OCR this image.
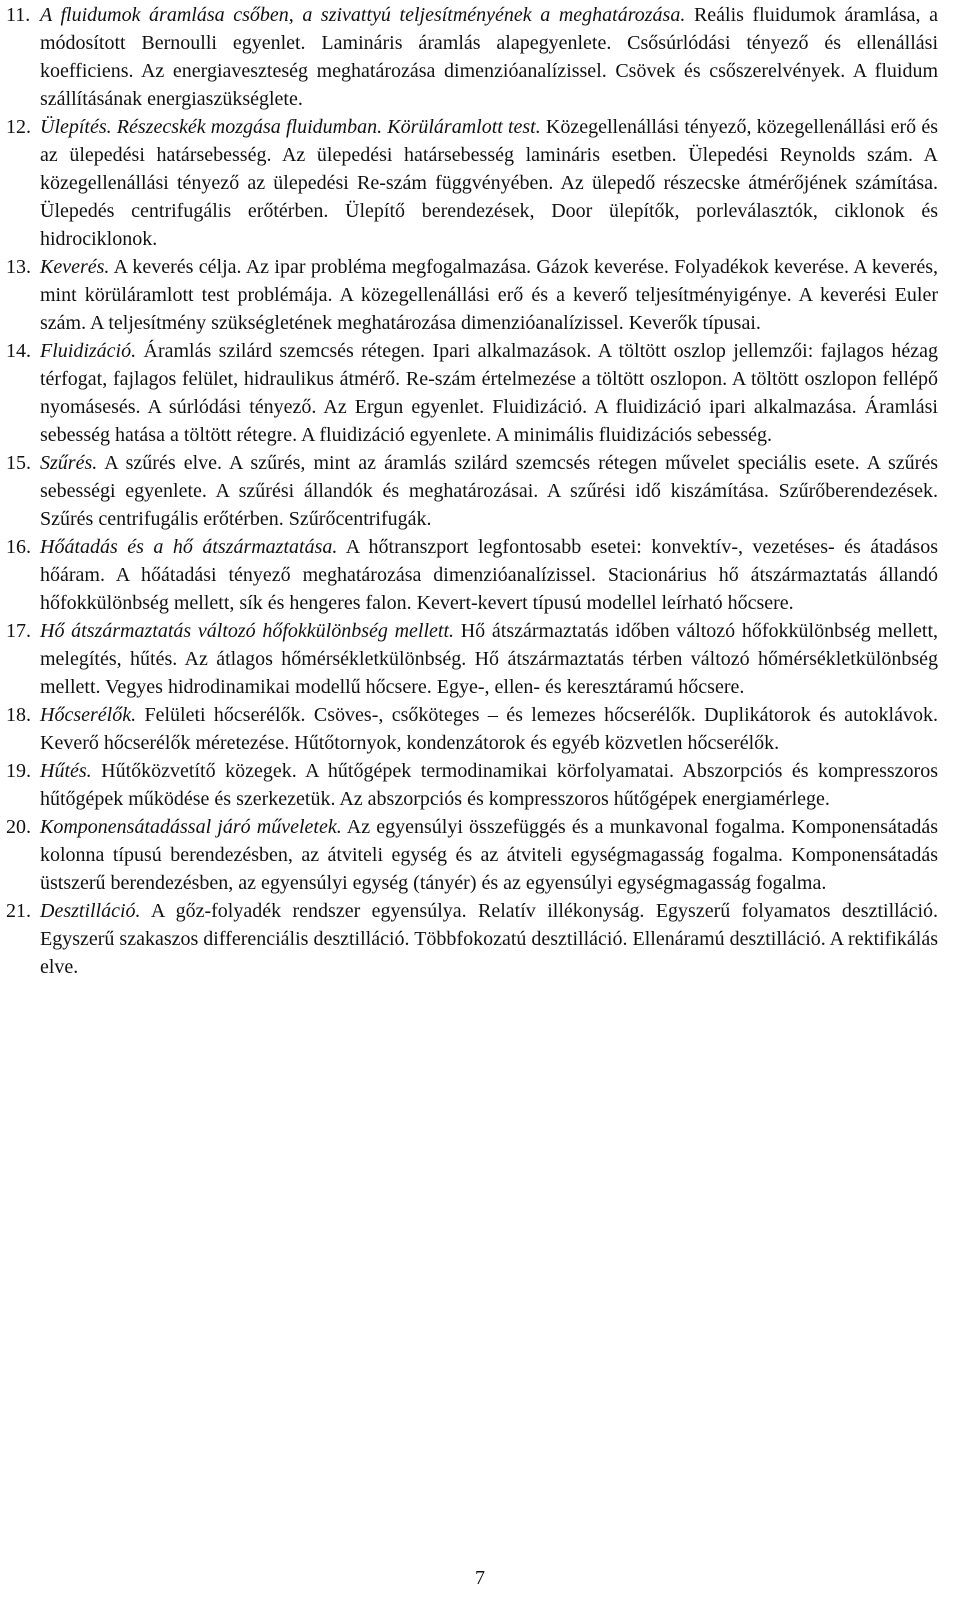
11. A fluidumok áramlása csőben, a szivattyú teljesítményének a meghatározása. Reális fluidumok áramlása, a módosított Bernoulli egyenlet. Lamináris áramlás alapegyenlete. Csősúrlódási tényező és ellenállási koefficiens. Az energiaveszteség meghatározása dimenzióanalízissel. Csövek és csőszerelvények. A fluidum szállításának energiaszükséglete.
12. Ülepítés. Részecskék mozgása fluidumban. Körüláramlott test. Közegellenállási tényező, közegellenállási erő és az ülepedési határsebesség. Az ülepedési határsebesség lamináris esetben. Ülepedési Reynolds szám. A közegellenállási tényező az ülepedési Re-szám függvényében. Az ülepedő részecske átmérőjének számítása. Ülepedés centrifugális erőtérben. Ülepítő berendezések, Door ülepítők, porleválasztók, ciklonok és hidrociklonok.
13. Keverés. A keverés célja. Az ipar probléma megfogalmazása. Gázok keverése. Folyadékok keverése. A keverés, mint körüláramlott test problémája. A közegellenállási erő és a keverő teljesítményigénye. A keverési Euler szám. A teljesítmény szükségletének meghatározása dimenzióanalízissel. Keverők típusai.
14. Fluidizáció. Áramlás szilárd szemcsés rétegen. Ipari alkalmazások. A töltött oszlop jellemzői: fajlagos hézag térfogat, fajlagos felület, hidraulikus átmérő. Re-szám értelmezése a töltött oszlopon. A töltött oszlopon fellépő nyomásesés. A súrlódási tényező. Az Ergun egyenlet. Fluidizáció. A fluidizáció ipari alkalmazása. Áramlási sebesség hatása a töltött rétegre. A fluidizáció egyenlete. A minimális fluidizációs sebesség.
15. Szűrés. A szűrés elve. A szűrés, mint az áramlás szilárd szemcsés rétegen művelet speciális esete. A szűrés sebességi egyenlete. A szűrési állandók és meghatározásai. A szűrési idő kiszámítása. Szűrőberendezések. Szűrés centrifugális erőtérben. Szűrőcentrifugák.
16. Hőátadás és a hő átszármaztatása. A hőtranszport legfontosabb esetei: konvektív-, vezetéses- és átadásos hőáram. A hőátadási tényező meghatározása dimenzióanalízissel. Stacionárius hő átszármaztatás állandó hőfokkülönbség mellett, sík és hengeres falon. Kevert-kevert típusú modellel leírható hőcsere.
17. Hő átszármaztatás változó hőfokkülönbség mellett. Hő átszármaztatás időben változó hőfokkülönbség mellett, melegítés, hűtés. Az átlagos hőmérsékletkülönbség. Hő átszármaztatás térben változó hőmérsékletkülönbség mellett. Vegyes hidrodinamikai modellű hőcsere. Egye-, ellen- és keresztáramú hőcsere.
18. Hőcserélők. Felületi hőcserélők. Csöves-, csőköteges – és lemezes hőcserélők. Duplikátorok és autoklávok. Keverő hőcserélők méretezése. Hűtőtornyok, kondenzátorok és egyéb közvetlen hőcserélők.
19. Hűtés. Hűtőközvetítő közegek. A hűtőgépek termodinamikai körfolyamatai. Abszorpciós és kompresszoros hűtőgépek működése és szerkezetük. Az abszorpciós és kompresszoros hűtőgépek energiamérlege.
20. Komponensátadással járó műveletek. Az egyensúlyi összefüggés és a munkavonal fogalma. Komponensátadás kolonna típusú berendezésben, az átviteli egység és az átviteli egységmagasság fogalma. Komponensátadás üstszerű berendezésben, az egyensúlyi egység (tányér) és az egyensúlyi egységmagasság fogalma.
21. Desztilláció. A gőz-folyadék rendszer egyensúlya. Relatív illékonyság. Egyszerű folyamatos desztilláció. Egyszerű szakaszos differenciális desztilláció. Többfokozatú desztilláció. Ellenáramú desztilláció. A rektifikálás elve.
7
